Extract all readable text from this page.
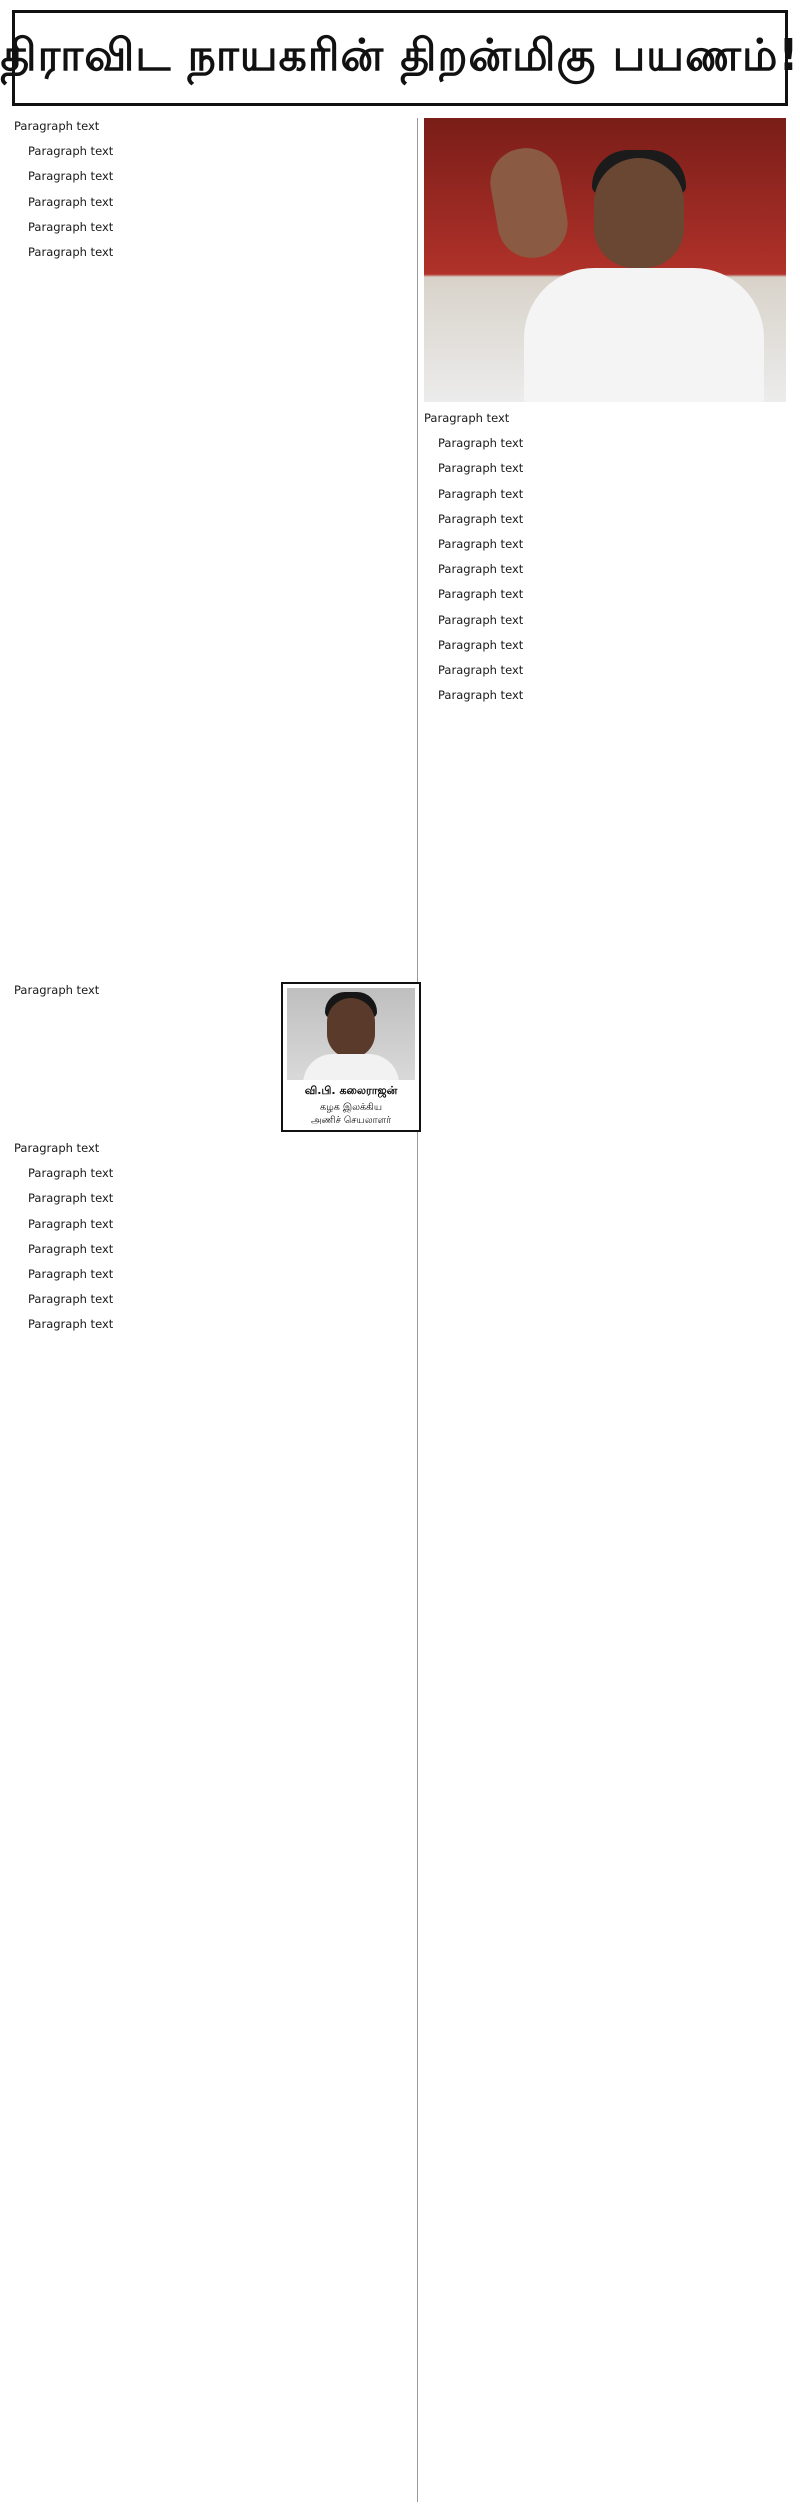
திராவிட நாயகரின் திறன்மிகு பயணம்!

Paragraph text

Paragraph text

Paragraph text

Paragraph text

Paragraph text

Paragraph text

Paragraph text

வி.பி. கலைராஜன்
கழக இலக்கிய
அணிச் செயலாளர்

Paragraph text

Paragraph text

Paragraph text

Paragraph text

Paragraph text

Paragraph text

Paragraph text

Paragraph text

Paragraph text

Paragraph text

Paragraph text

Paragraph text

Paragraph text

Paragraph text

Paragraph text

Paragraph text

Paragraph text

Paragraph text

Paragraph text

Paragraph text
